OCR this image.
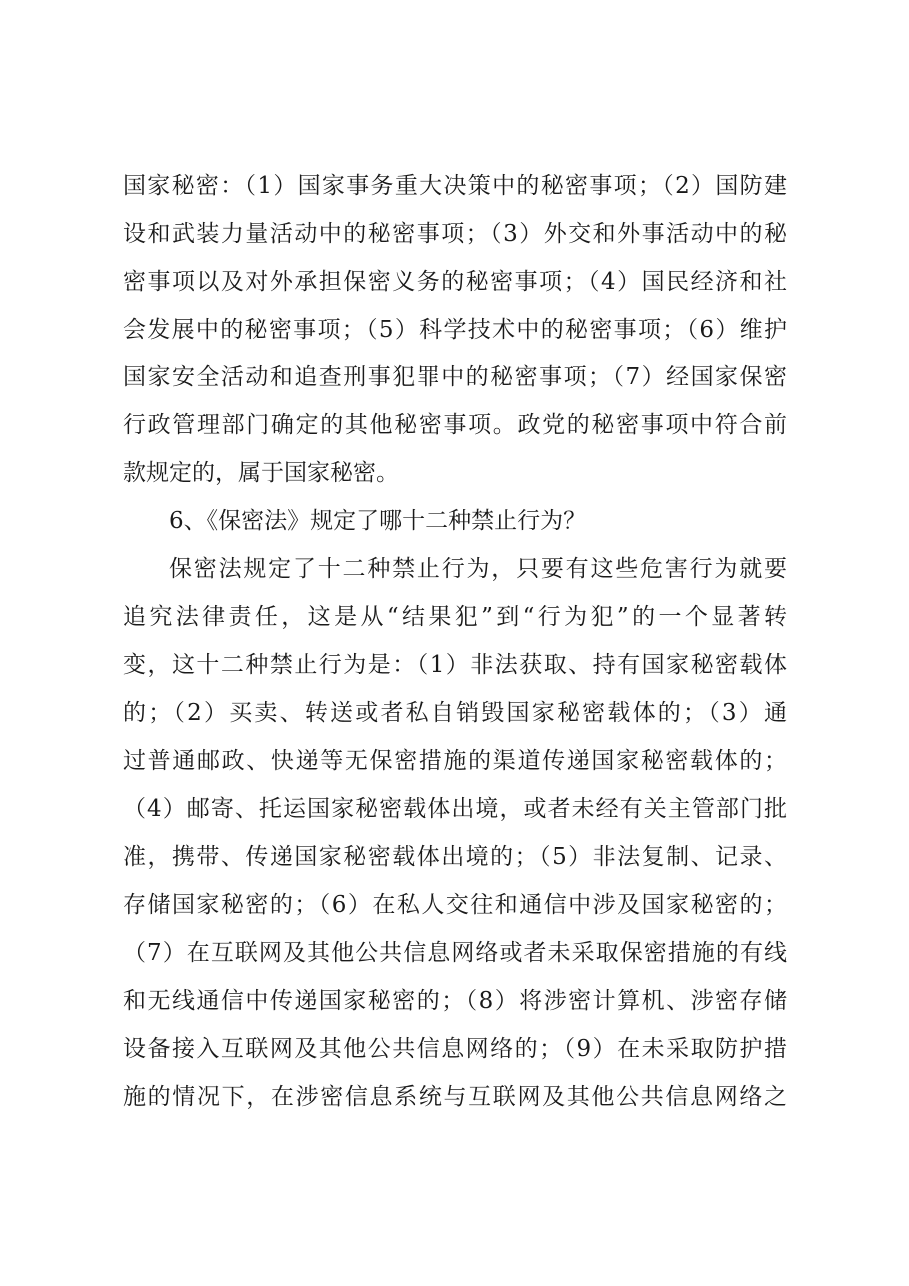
国家秘密：（1）国家事务重大决策中的秘密事项；（2）国防建
设和武装力量活动中的秘密事项；（3）外交和外事活动中的秘
密事项以及对外承担保密义务的秘密事项；（4）国民经济和社
会发展中的秘密事项；（5）科学技术中的秘密事项；（6）维护
国家安全活动和追查刑事犯罪中的秘密事项；（7）经国家保密
行政管理部门确定的其他秘密事项。政党的秘密事项中符合前
款规定的，属于国家秘密。
6、《保密法》规定了哪十二种禁止行为？
保密法规定了十二种禁止行为，只要有这些危害行为就要
追究法律责任，这是从“结果犯”到“行为犯”的一个显著转
变，这十二种禁止行为是：（1）非法获取、持有国家秘密载体
的；（2）买卖、转送或者私自销毁国家秘密载体的；（3）通
过普通邮政、快递等无保密措施的渠道传递国家秘密载体的；
（4）邮寄、托运国家秘密载体出境，或者未经有关主管部门批
准，携带、传递国家秘密载体出境的；（5）非法复制、记录、
存储国家秘密的；（6）在私人交往和通信中涉及国家秘密的；
（7）在互联网及其他公共信息网络或者未采取保密措施的有线
和无线通信中传递国家秘密的；（8）将涉密计算机、涉密存储
设备接入互联网及其他公共信息网络的；（9）在未采取防护措
施的情况下，在涉密信息系统与互联网及其他公共信息网络之
